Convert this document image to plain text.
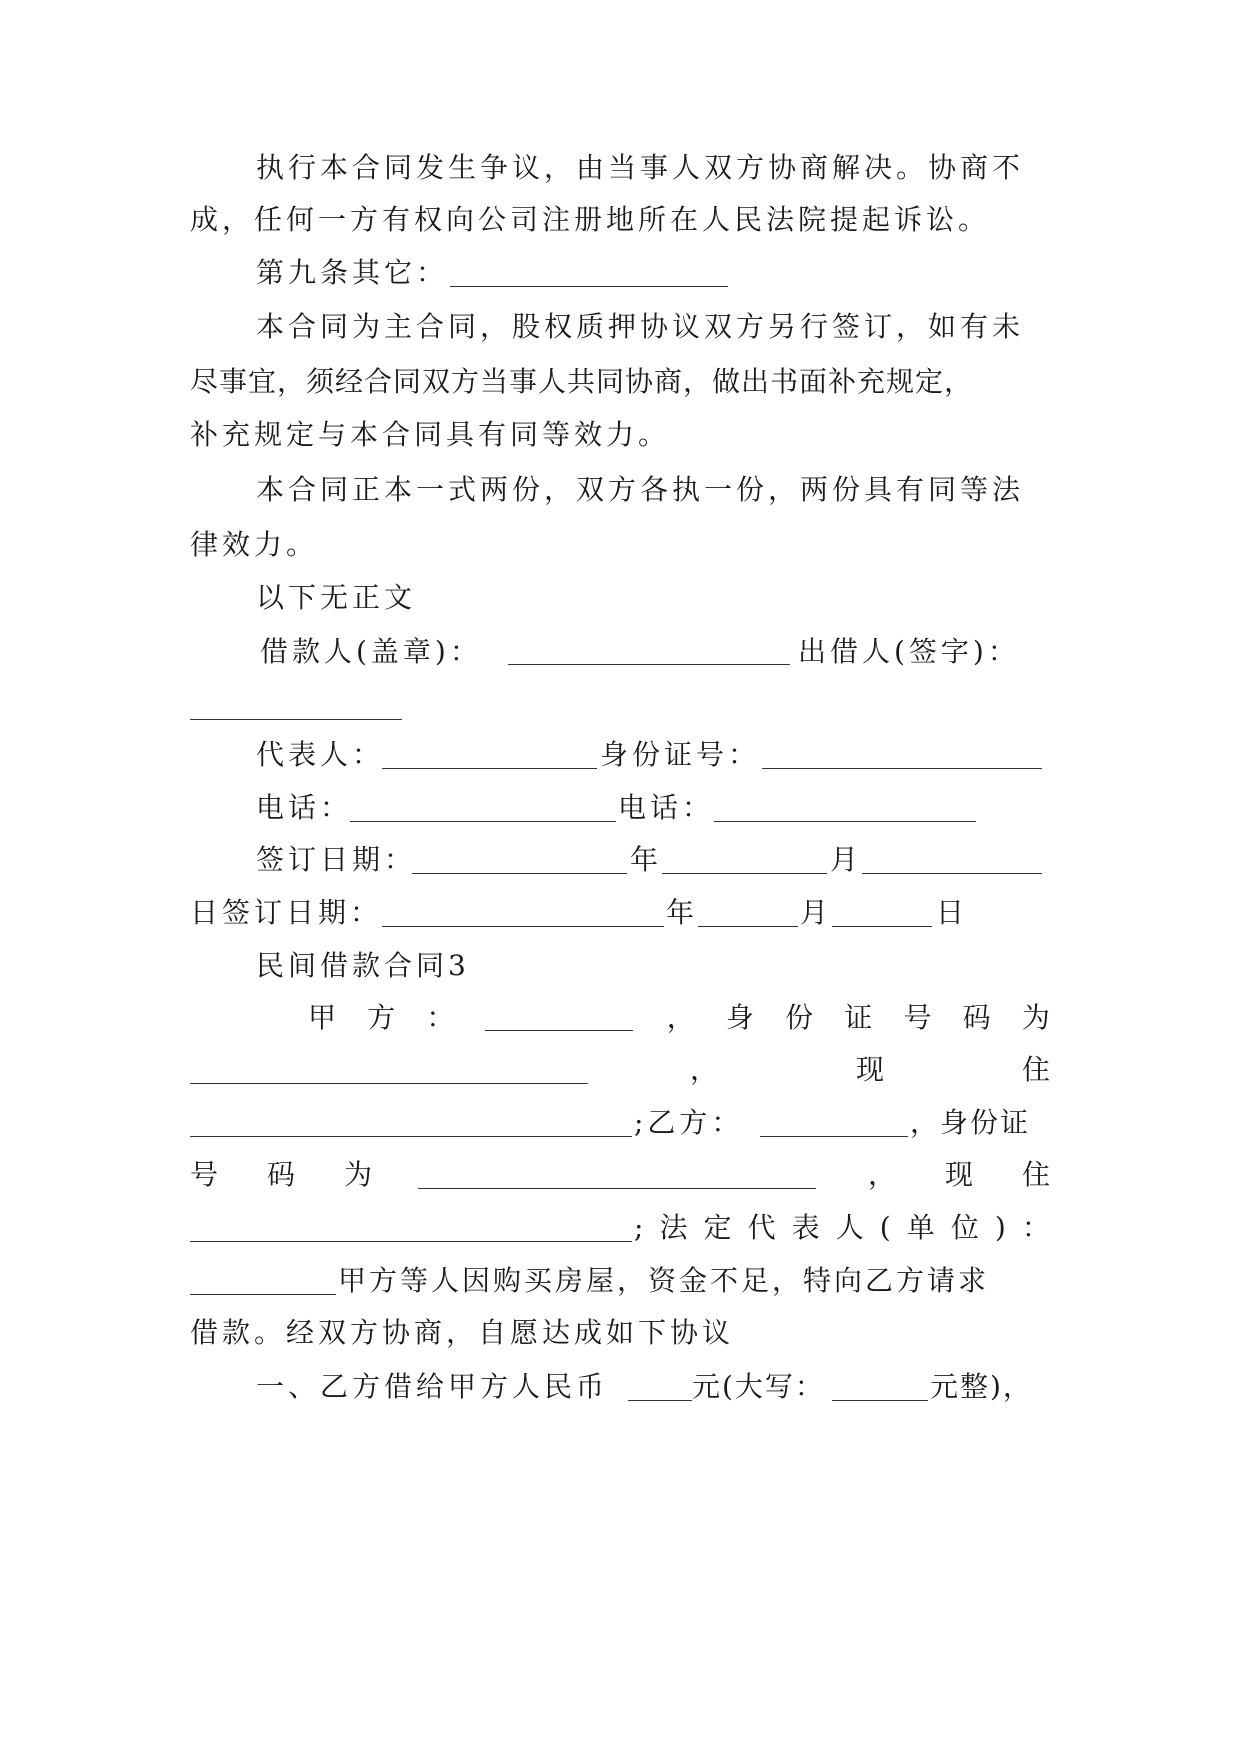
执行本合同发生争议，由当事人双方协商解决。协商不
成，任何一方有权向公司注册地所在人民法院提起诉讼。
第九条其它：
本合同为主合同，股权质押协议双方另行签订，如有未
尽事宜，须经合同双方当事人共同协商，做出书面补充规定，
补充规定与本合同具有同等效力。
本合同正本一式两份，双方各执一份，两份具有同等法
律效力。
以下无正文
借款人(盖章)：	出借人(签字)：
代表人：	身份证号：
电话：	电话：
签订日期：	年	月
日签订日期：	年	月	日
民间借款合同3
甲 方 ：	， 身 份 证 号 码 为
，	现	住
;乙方：	，身份证
号 码 为	， 现 住
; 法 定 代 表 人 ( 单 位 ) ：
甲方等人因购买房屋，资金不足，特向乙方请求
借款。经双方协商，自愿达成如下协议
一、乙方借给甲方人民币	元(大写：	元整)，
